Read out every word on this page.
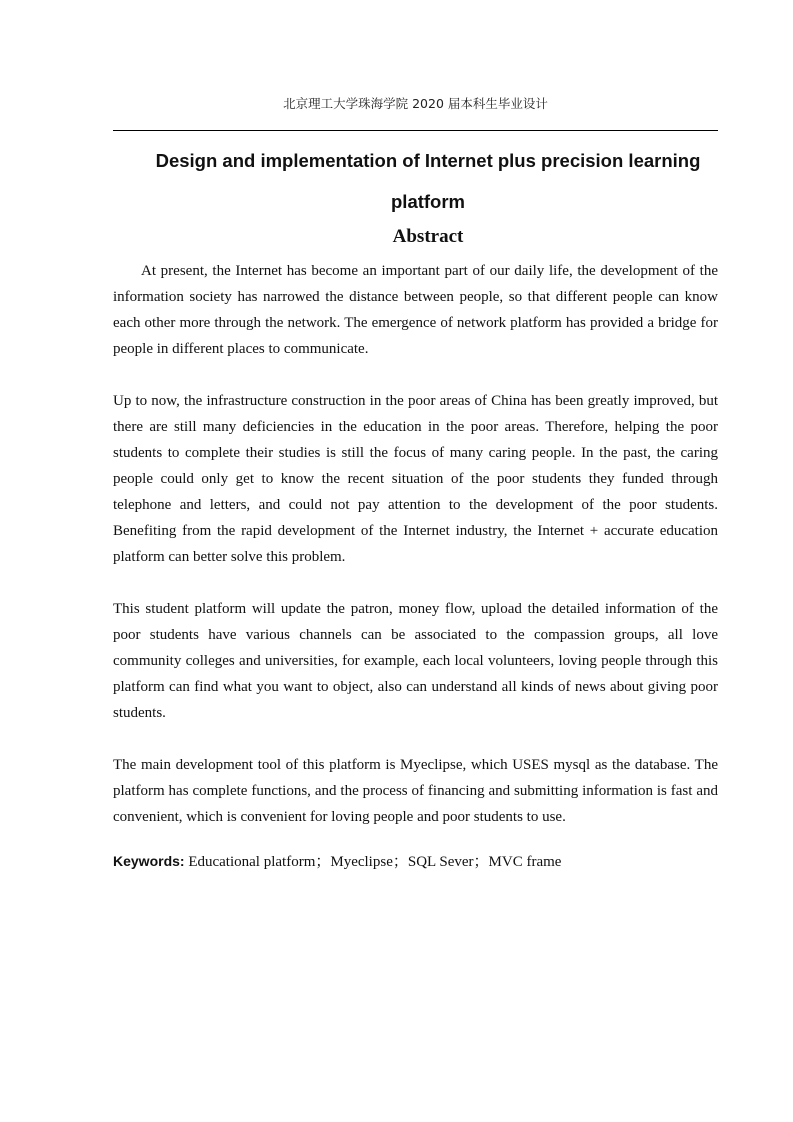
北京理工大学珠海学院 2020 届本科生毕业设计
Design and implementation of Internet plus precision learning
platform
Abstract

At present, the Internet has become an important part of our daily life, the development of the information society has narrowed the distance between people, so that different people can know each other more through the network. The emergence of network platform has provided a bridge for people in different places to communicate.

Up to now, the infrastructure construction in the poor areas of China has been greatly improved, but there are still many deficiencies in the education in the poor areas. Therefore, helping the poor students to complete their studies is still the focus of many caring people. In the past, the caring people could only get to know the recent situation of the poor students they funded through telephone and letters, and could not pay attention to the development of the poor students. Benefiting from the rapid development of the Internet industry, the Internet + accurate education platform can better solve this problem.

This student platform will update the patron, money flow, upload the detailed information of the poor students have various channels can be associated to the compassion groups, all love community colleges and universities, for example, each local volunteers, loving people through this platform can find what you want to object, also can understand all kinds of news about giving poor students.

The main development tool of this platform is Myeclipse, which USES mysql as the database. The platform has complete functions, and the process of financing and submitting information is fast and convenient, which is convenient for loving people and poor students to use.

Keywords: Educational platform；Myeclipse；SQL Sever；MVC frame
